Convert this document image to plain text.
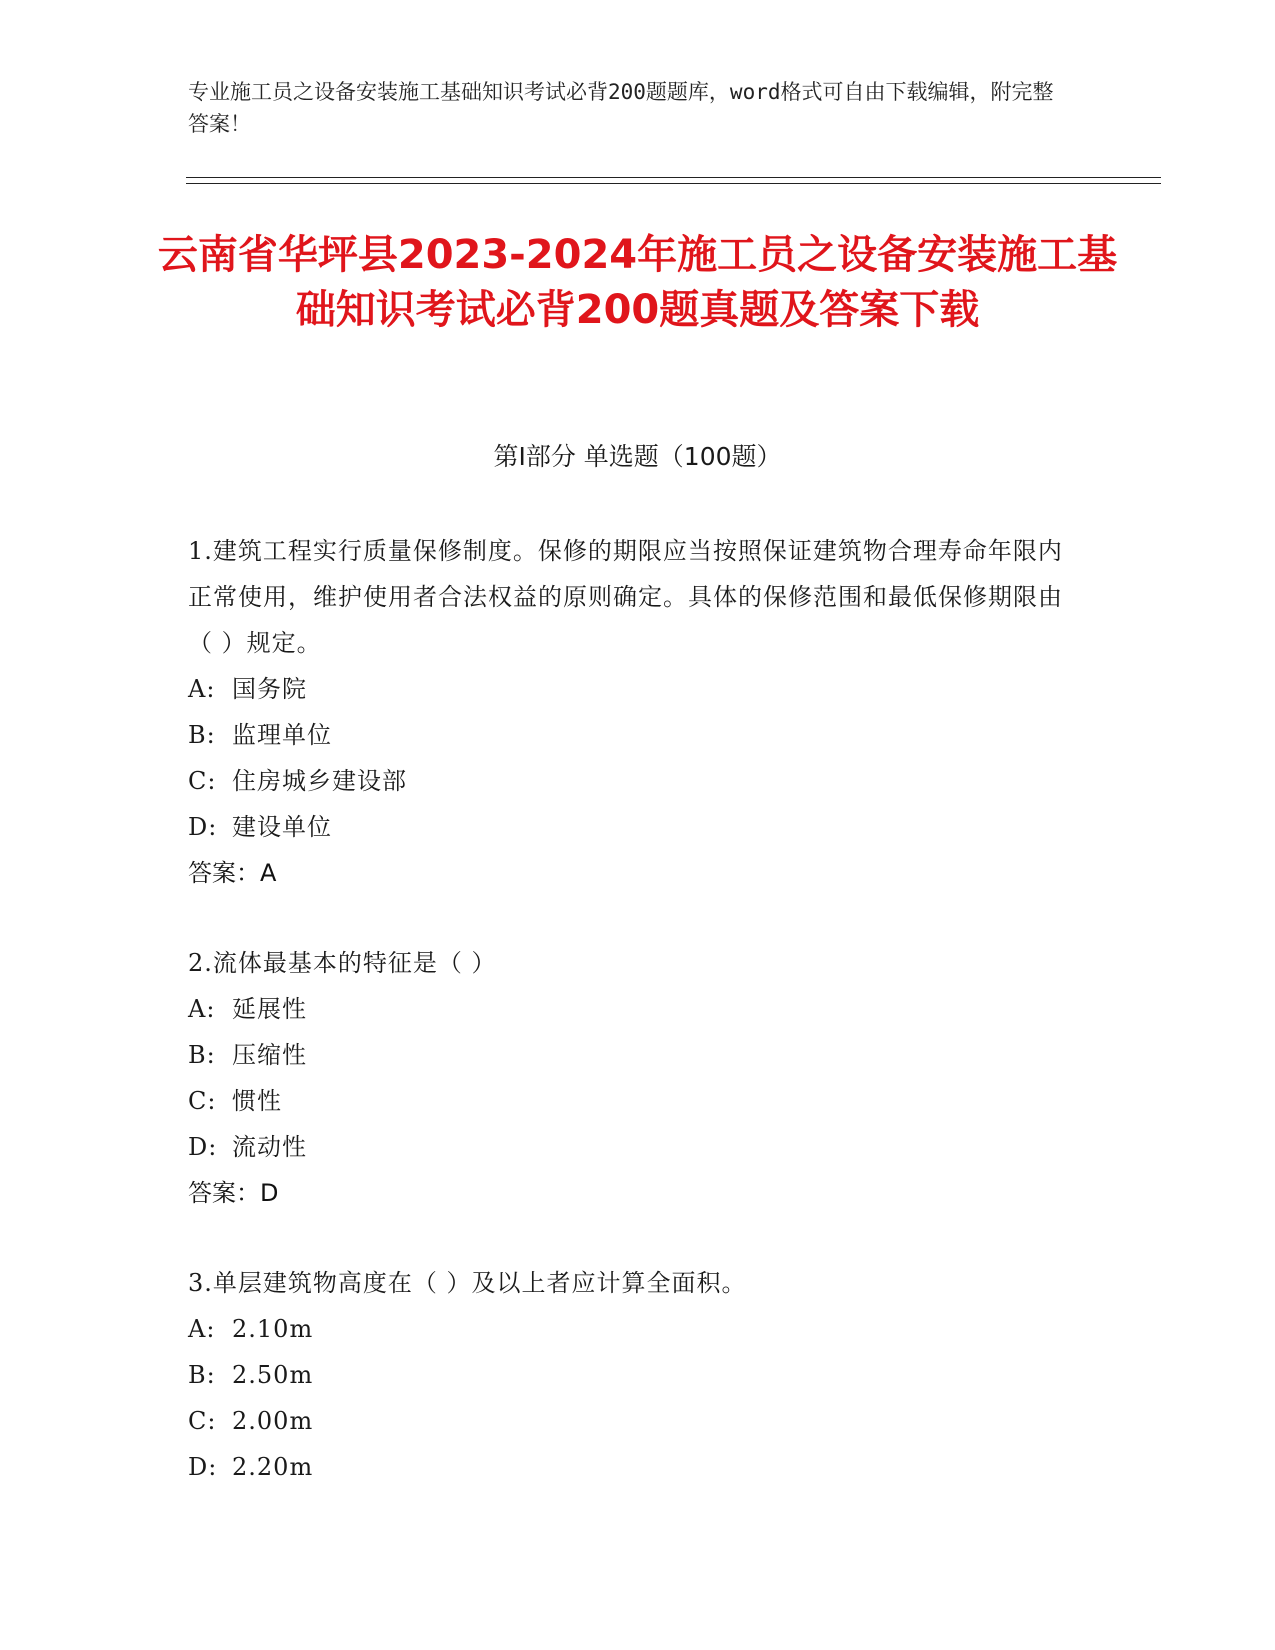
专业施工员之设备安装施工基础知识考试必背200题题库，word格式可自由下载编辑，附完整答案！
云南省华坪县2023-2024年施工员之设备安装施工基础知识考试必背200题真题及答案下载
第I部分 单选题（100题）
1.建筑工程实行质量保修制度。保修的期限应当按照保证建筑物合理寿命年限内正常使用，维护使用者合法权益的原则确定。具体的保修范围和最低保修期限由（ ）规定。
A: 国务院
B: 监理单位
C: 住房城乡建设部
D: 建设单位
答案：A
2.流体最基本的特征是（ ）
A: 延展性
B: 压缩性
C: 惯性
D: 流动性
答案：D
3.单层建筑物高度在（ ）及以上者应计算全面积。
A: 2.10m
B: 2.50m
C: 2.00m
D: 2.20m
